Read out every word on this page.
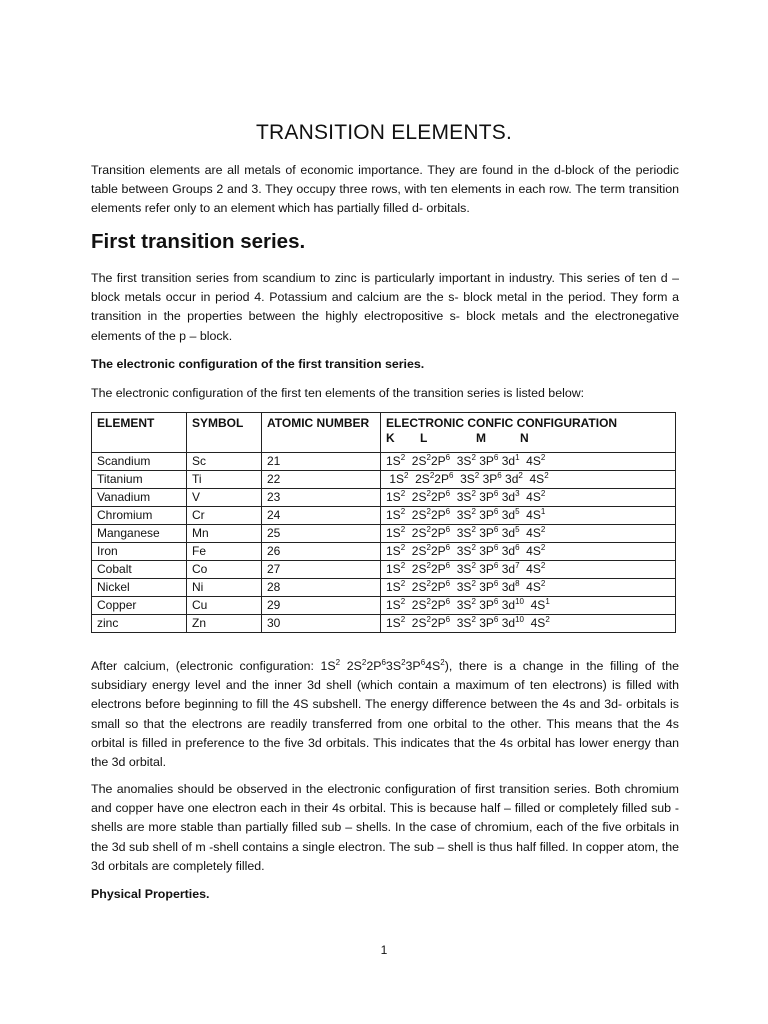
TRANSITION ELEMENTS.

Transition elements are all metals of economic importance. They are found in the d-block of the periodic table between Groups 2 and 3. They occupy three rows, with ten elements in each row. The term transition elements refer only to an element which has partially filled d- orbitals.

First transition series.

The first transition series from scandium to zinc is particularly important in industry. This series of ten d – block metals occur in period 4. Potassium and calcium are the s- block metal in the period. They form a transition in the properties between the highly electropositive s- block metals and the electronegative elements of the p – block.

The electronic configuration of the first transition series.

The electronic configuration of the first ten elements of the transition series is listed below:

ELEMENT	SYMBOL	ATOMIC NUMBER	ELECTRONIC CONFIC CONFIGURATION
K L M N

Scandium	Sc	21	$1S^2$  $2S^22P^6$  $3S^2$ $3P^6$ $3d^1$  $4S^2$
Titanium	Ti	22	$1S^2$  $2S^22P^6$  $3S^2$ $3P^6$ $3d^2$  $4S^2$
Vanadium	V	23	$1S^2$  $2S^22P^6$  $3S^2$ $3P^6$ $3d^3$  $4S^2$
Chromium	Cr	24	$1S^2$  $2S^22P^6$  $3S^2$ $3P^6$ $3d^5$  $4S^1$
Manganese	Mn	25	$1S^2$  $2S^22P^6$  $3S^2$ $3P^6$ $3d^5$  $4S^2$
Iron	Fe	26	$1S^2$  $2S^22P^6$  $3S^2$ $3P^6$ $3d^6$  $4S^2$
Cobalt	Co	27	$1S^2$  $2S^22P^6$  $3S^2$ $3P^6$ $3d^7$  $4S^2$
Nickel	Ni	28	$1S^2$  $2S^22P^6$  $3S^2$ $3P^6$ $3d^8$  $4S^2$
Copper	Cu	29	$1S^2$  $2S^22P^6$  $3S^2$ $3P^6$ $3d^{10}$  $4S^1$
zinc	Zn	30	$1S^2$  $2S^22P^6$  $3S^2$ $3P^6$ $3d^{10}$  $4S^2$

After calcium, (electronic configuration: $1S^2$ $2S^22P^63S^23P^64S^2$), there is a change in the filling of the subsidiary energy level and the inner 3d shell (which contain a maximum of ten electrons) is filled with electrons before beginning to fill the 4S subshell. The energy difference between the 4s and 3d- orbitals is small so that the electrons are readily transferred from one orbital to the other. This means that the 4s orbital is filled in preference to the five 3d orbitals. This indicates that the 4s orbital has lower energy than the 3d orbital.

The anomalies should be observed in the electronic configuration of first transition series. Both chromium and copper have one electron each in their 4s orbital. This is because half – filled or completely filled sub -shells are more stable than partially filled sub – shells. In the case of chromium, each of the five orbitals in the 3d sub shell of m -shell contains a single electron. The sub – shell is thus half filled. In copper atom, the 3d orbitals are completely filled.

Physical Properties.

1
